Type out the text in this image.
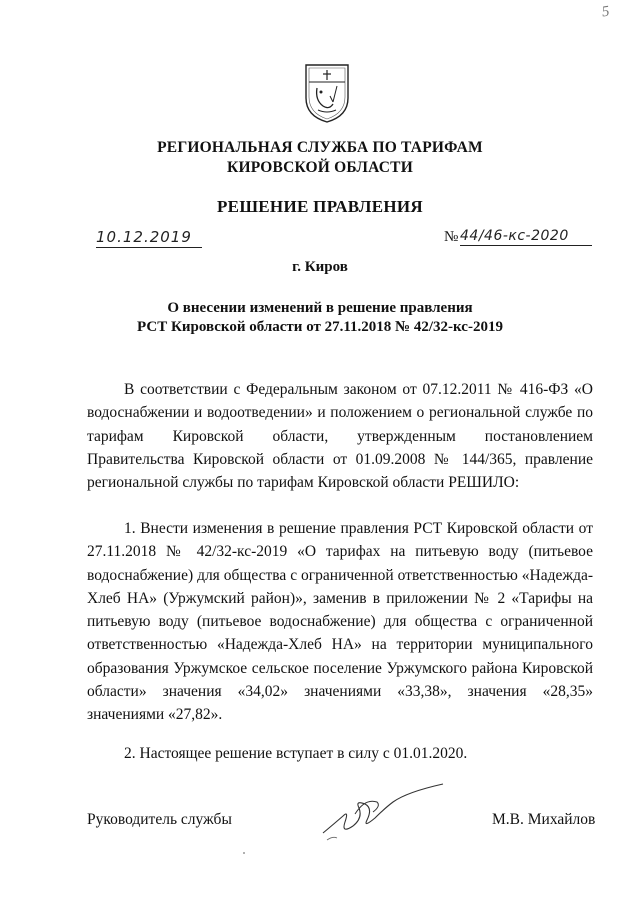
5
РЕГИОНАЛЬНАЯ СЛУЖБА ПО ТАРИФАМ
КИРОВСКОЙ ОБЛАСТИ
РЕШЕНИЕ ПРАВЛЕНИЯ
10.12.2019	№ 44/46-кс-2020
г. Киров
О внесении изменений в решение правления
РСТ Кировской области от 27.11.2018 № 42/32-кс-2019

В соответствии с Федеральным законом от 07.12.2011 № 416-ФЗ «О водоснабжении и водоотведении» и положением о региональной службе по тарифам Кировской области, утвержденным постановлением Правительства Кировской области от 01.09.2008 № 144/365, правление региональной службы по тарифам Кировской области РЕШИЛО:

1. Внести изменения в решение правления РСТ Кировской области от 27.11.2018 № 42/32-кс-2019 «О тарифах на питьевую воду (питьевое водоснабжение) для общества с ограниченной ответственностью «Надежда-Хлеб НА» (Уржумский район)», заменив в приложении № 2 «Тарифы на питьевую воду (питьевое водоснабжение) для общества с ограниченной ответственностью «Надежда-Хлеб НА» на территории муниципального образования Уржумское сельское поселение Уржумского района Кировской области» значения «34,02» значениями «33,38», значения «28,35» значениями «27,82».

2. Настоящее решение вступает в силу с 01.01.2020.

Руководитель службы	М.В. Михайлов
